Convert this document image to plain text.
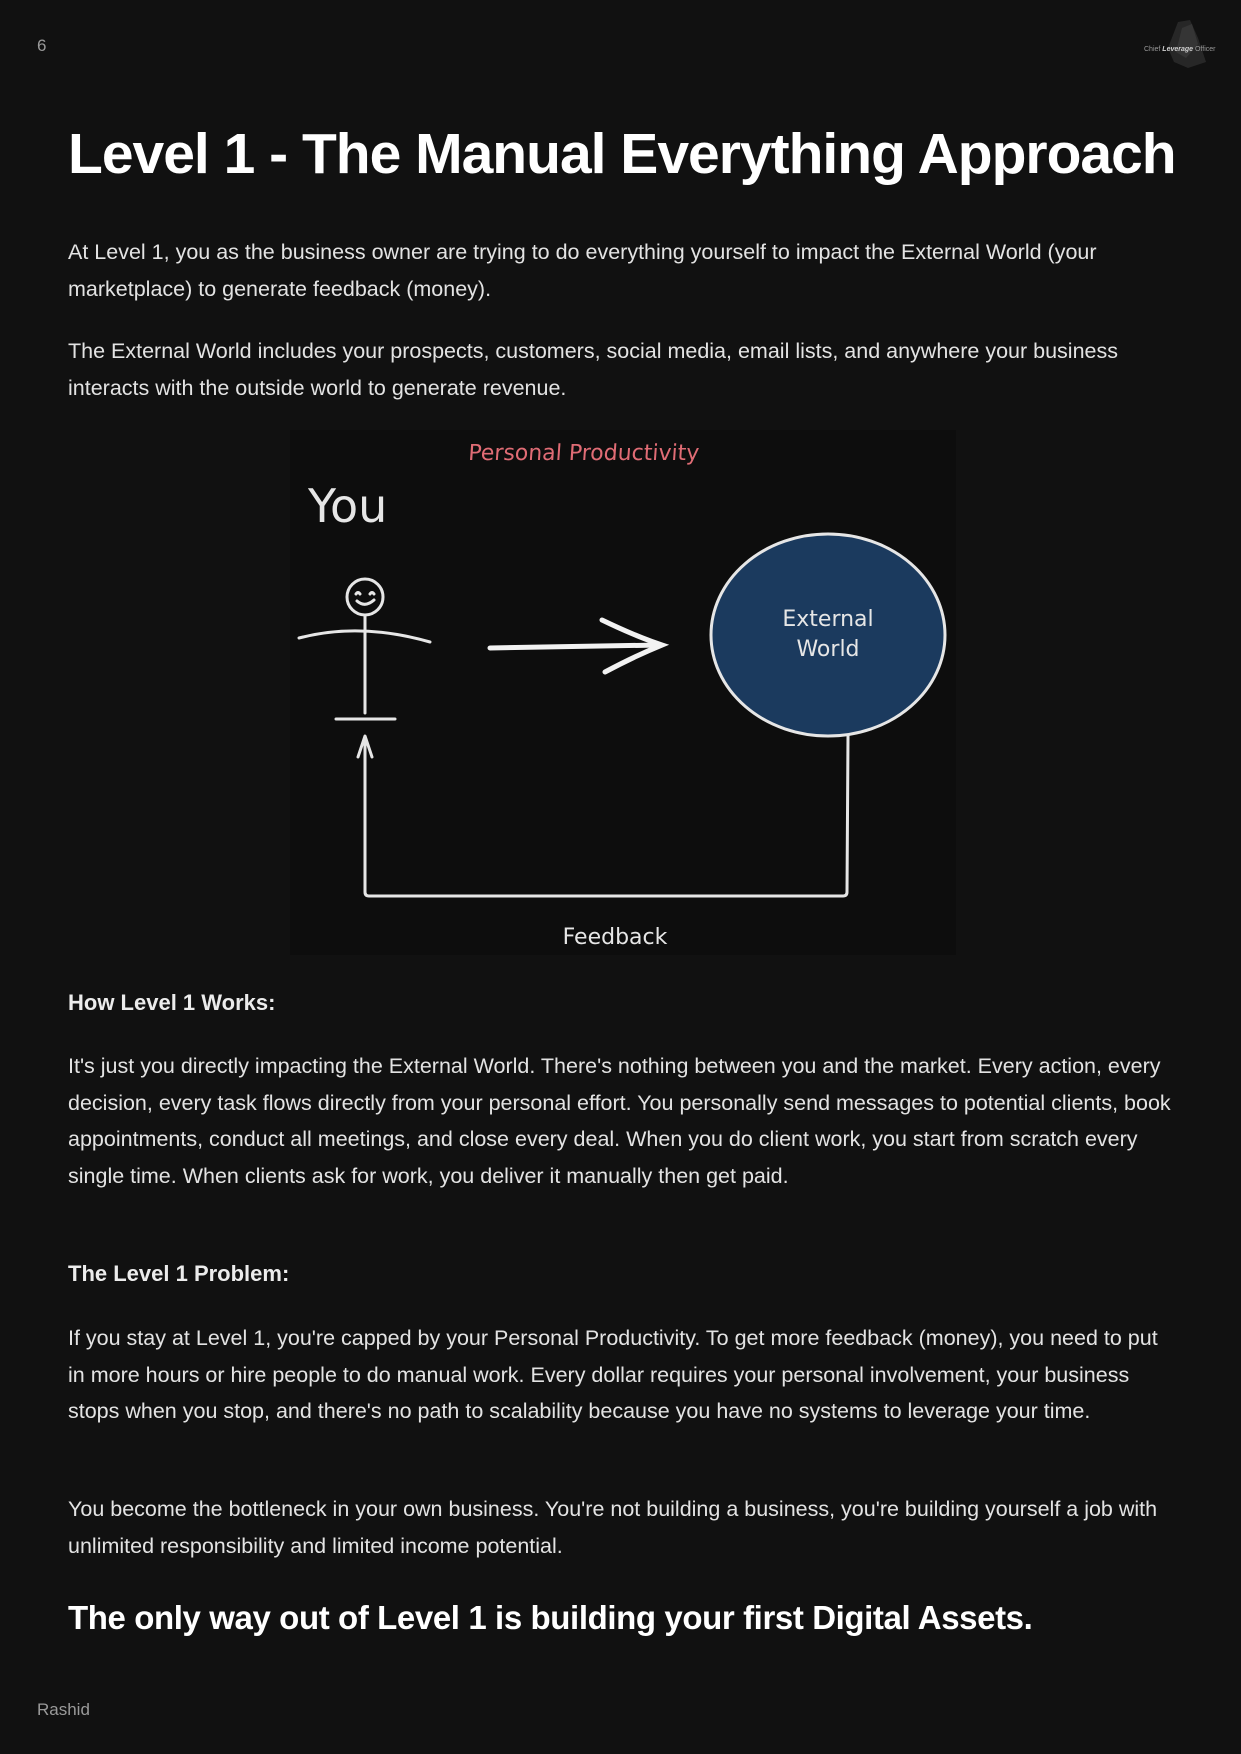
6	Chief Leverage Officer
Level 1 - The Manual Everything Approach

At Level 1, you as the business owner are trying to do everything yourself to impact the External World (your marketplace) to generate feedback (money).

The External World includes your prospects, customers, social media, email lists, and anywhere your business interacts with the outside world to generate revenue.

Personal Productivity
You
External
World
Feedback
How Level 1 Works:

It's just you directly impacting the External World. There's nothing between you and the market. Every action, every decision, every task flows directly from your personal effort. You personally send messages to potential clients, book appointments, conduct all meetings, and close every deal. When you do client work, you start from scratch every single time. When clients ask for work, you deliver it manually then get paid.

The Level 1 Problem:

If you stay at Level 1, you're capped by your Personal Productivity. To get more feedback (money), you need to put in more hours or hire people to do manual work. Every dollar requires your personal involvement, your business stops when you stop, and there's no path to scalability because you have no systems to leverage your time.

You become the bottleneck in your own business. You're not building a business, you're building yourself a job with unlimited responsibility and limited income potential.

The only way out of Level 1 is building your first Digital Assets.
Rashid
